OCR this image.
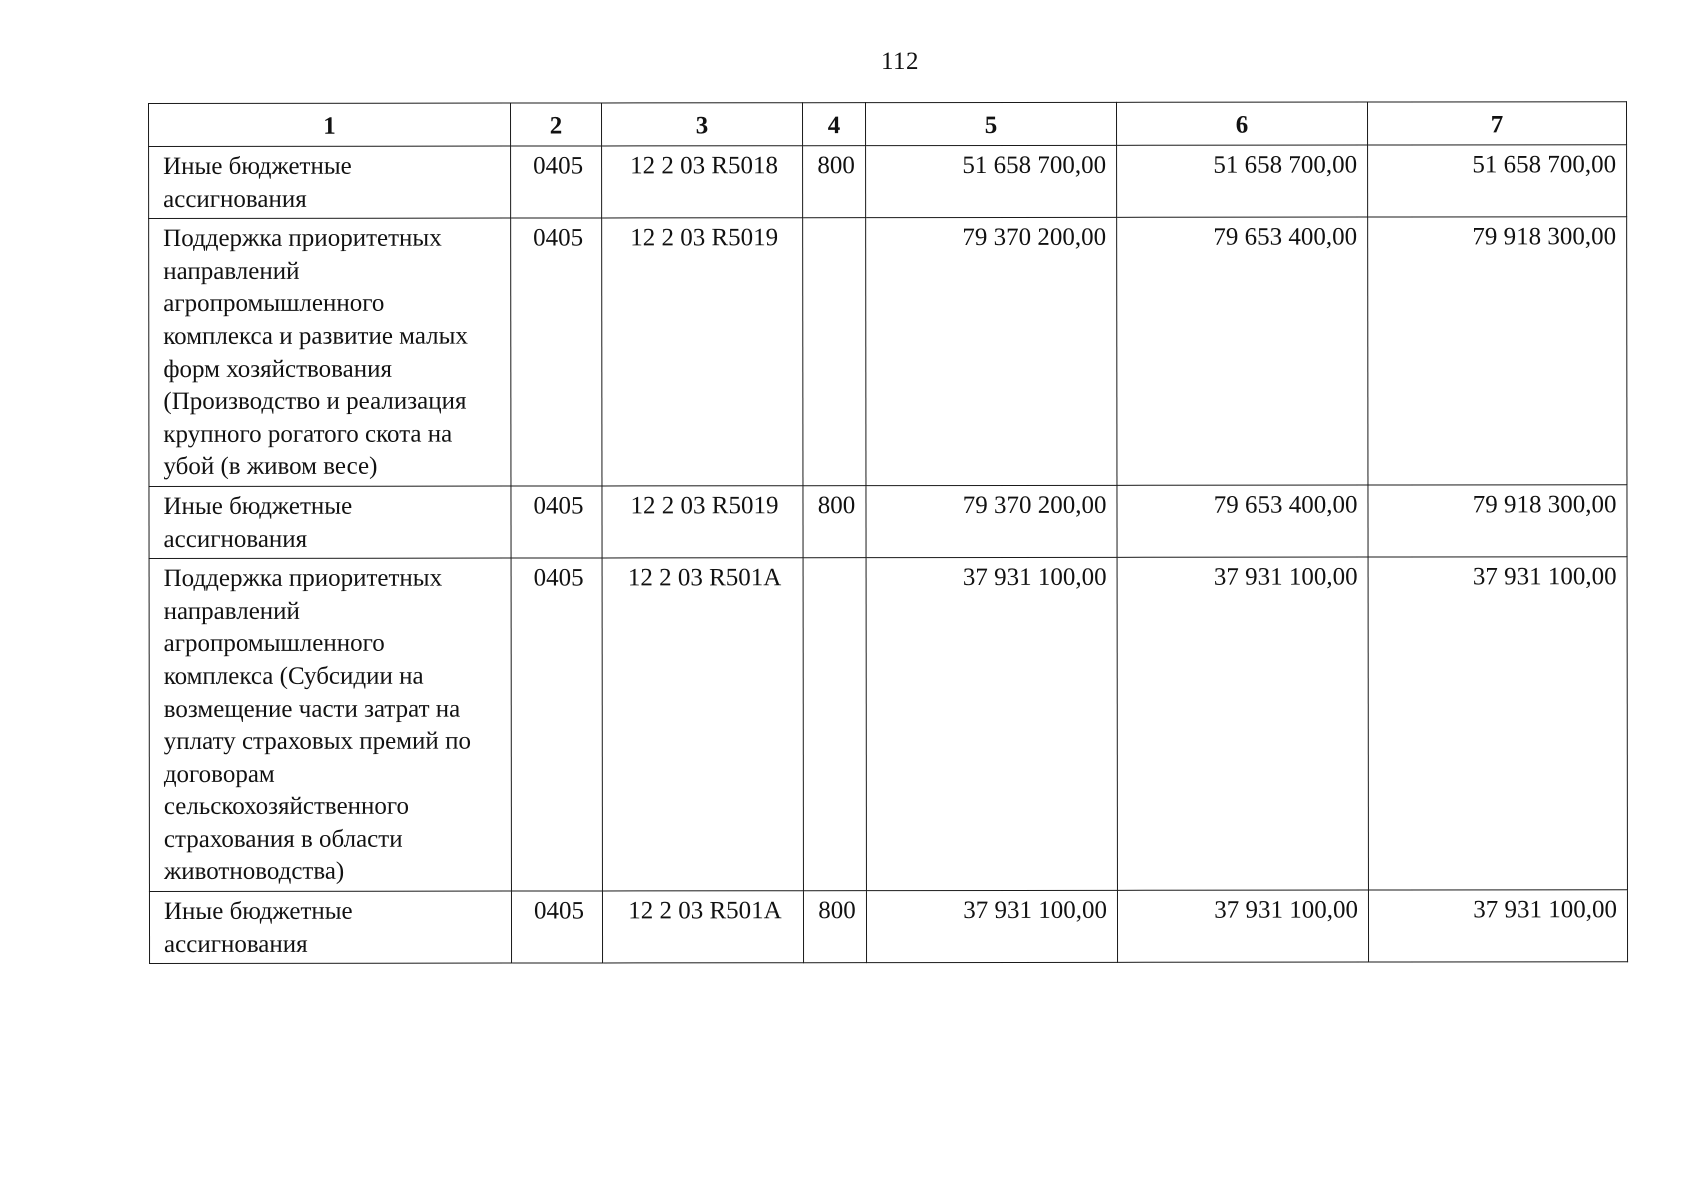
112
1	2	3	4	5	6	7
Иные бюджетные ассигнования	0405	12 2 03 R5018	800	51 658 700,00	51 658 700,00	51 658 700,00
Поддержка приоритетных направлений агропромышленного комплекса и развитие малых форм хозяйствования (Производство и реализация крупного рогатого скота на убой (в живом весе)	0405	12 2 03 R5019		79 370 200,00	79 653 400,00	79 918 300,00
Иные бюджетные ассигнования	0405	12 2 03 R5019	800	79 370 200,00	79 653 400,00	79 918 300,00
Поддержка приоритетных направлений агропромышленного комплекса (Субсидии на возмещение части затрат на уплату страховых премий по договорам сельскохозяйственного страхования в области животноводства)	0405	12 2 03 R501A		37 931 100,00	37 931 100,00	37 931 100,00
Иные бюджетные ассигнования	0405	12 2 03 R501A	800	37 931 100,00	37 931 100,00	37 931 100,00
